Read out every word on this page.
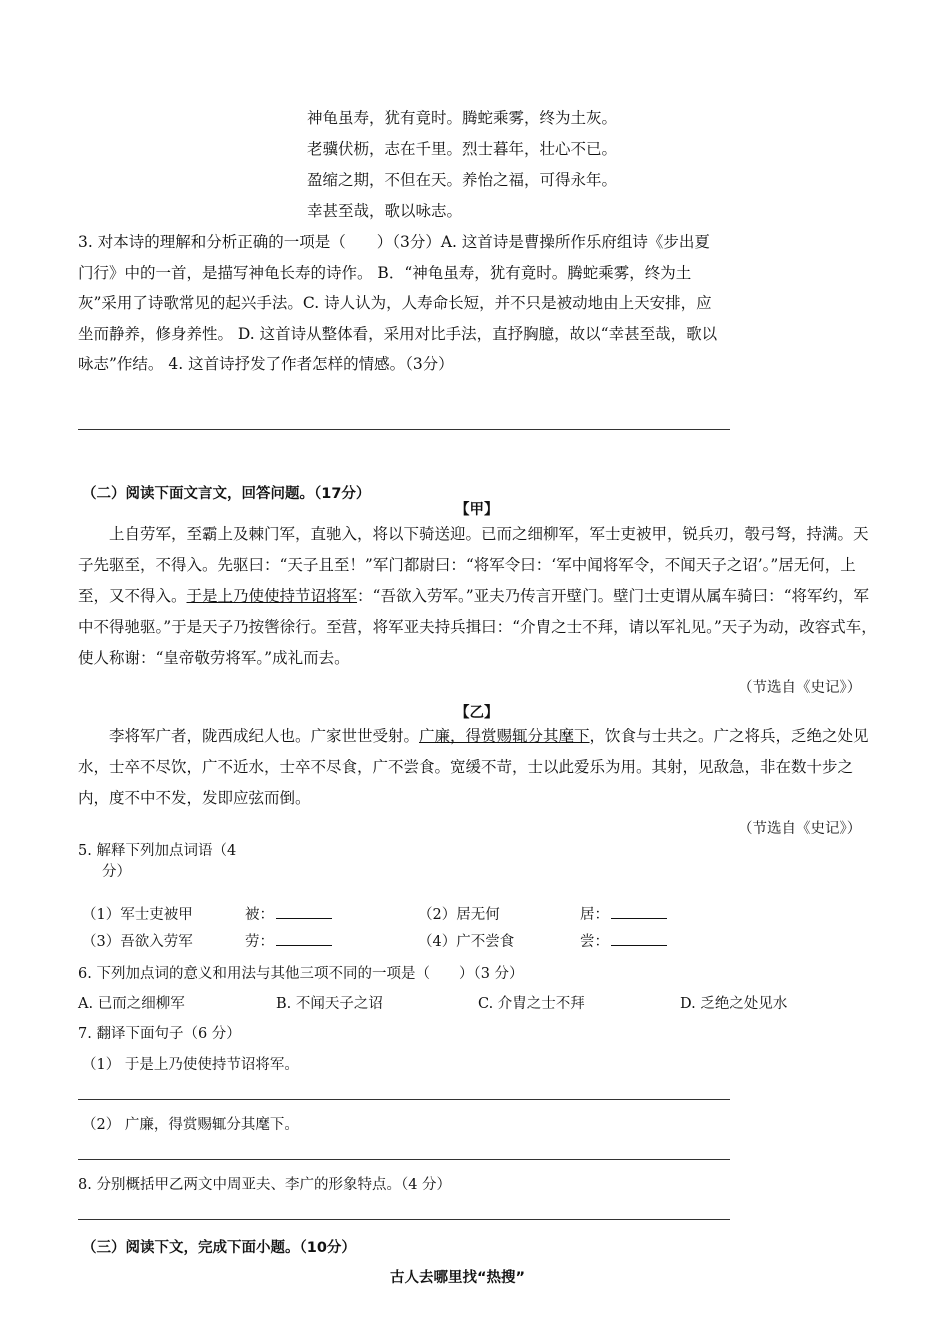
神龟虽寿，犹有竟时。腾蛇乘雾，终为土灰。
老骥伏枥，志在千里。烈士暮年，壮心不已。
盈缩之期，不但在天。养怡之福，可得永年。
幸甚至哉，歌以咏志。
3. 对本诗的理解和分析正确的一项是（　　）（3分）A. 这首诗是曹操所作乐府组诗《步出夏门行》中的一首，是描写神龟长寿的诗作。 B．“神龟虽寿，犹有竟时。腾蛇乘雾，终为土灰”采用了诗歌常见的起兴手法。C. 诗人认为，人寿命长短，并不只是被动地由上天安排，应坐而静养，修身养性。 D. 这首诗从整体看，采用对比手法，直抒胸臆，故以“幸甚至哉，歌以咏志”作结。 4. 这首诗抒发了作者怎样的情感。（3分）
（二）阅读下面文言文，回答问题。（17分）
【甲】
上自劳军，至霸上及棘门军，直驰入，将以下骑送迎。已而之细柳军，军士吏被甲，锐兵刃，彀弓弩，持满。天子先驱至，不得入。先驱曰：“天子且至！”军门都尉曰：“将军令曰：‘军中闻将军令，不闻天子之诏’。”居无何，上至，又不得入。于是上乃使使持节诏将军：“吾欲入劳军。”亚夫乃传言开壁门。壁门士吏谓从属车骑曰：“将军约，军中不得驰驱。”于是天子乃按辔徐行。至营，将军亚夫持兵揖曰：“介胄之士不拜，请以军礼见。”天子为动，改容式车，使人称谢：“皇帝敬劳将军。”成礼而去。
（节选自《史记》）
【乙】
李将军广者，陇西成纪人也。广家世世受射。广廉，得赏赐辄分其麾下，饮食与士共之。广之将兵，乏绝之处见水，士卒不尽饮，广不近水，士卒不尽食，广不尝食。宽缓不苛，士以此爱乐为用。其射，见敌急，非在数十步之内，度不中不发，发即应弦而倒。
（节选自《史记》）
5. 解释下列加点词语（4
分）
（1）军士吏被甲	被：	（2）居无何	居：
（3）吾欲入劳军	劳：	（4）广不尝食	尝：
6. 下列加点词的意义和用法与其他三项不同的一项是（　　）（3 分）
A. 已而之细柳军	B. 不闻天子之诏	C. 介胄之士不拜	D. 乏绝之处见水
7. 翻译下面句子（6 分）
（1） 于是上乃使使持节诏将军。
（2） 广廉，得赏赐辄分其麾下。
8. 分别概括甲乙两文中周亚夫、李广的形象特点。（4 分）
（三）阅读下文，完成下面小题。（10分）
古人去哪里找“热搜”
